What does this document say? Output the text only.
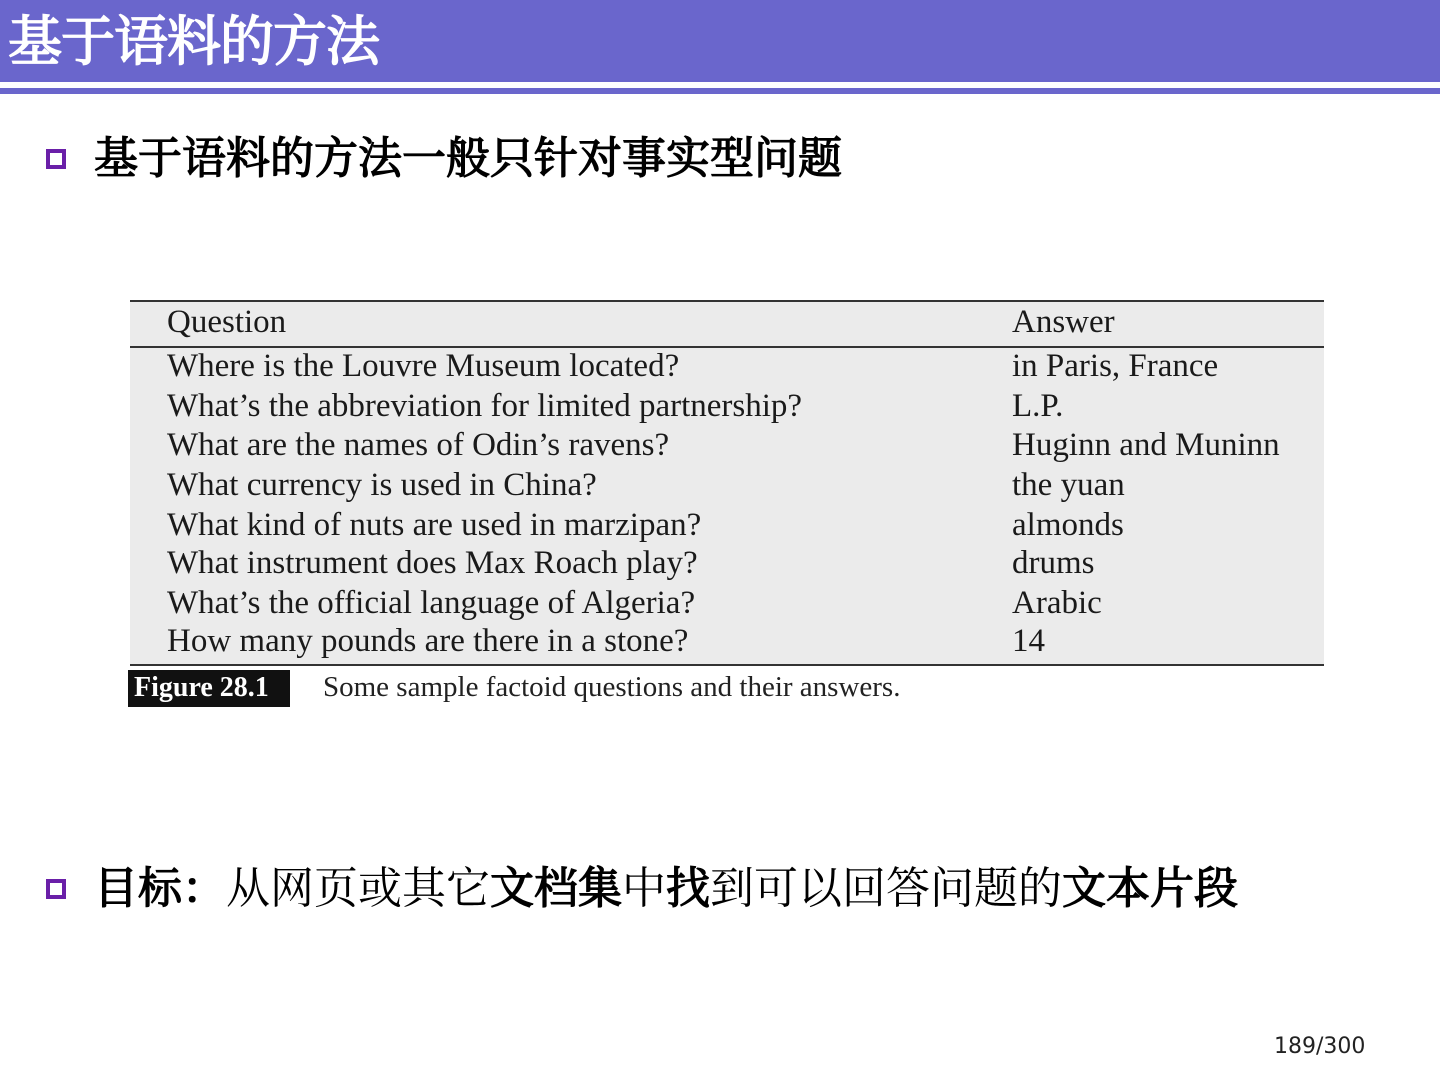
基于语料的方法
基于语料的方法一般只针对事实型问题
Question	Answer
Where is the Louvre Museum located?	in Paris, France
What’s the abbreviation for limited partnership?	L.P.
What are the names of Odin’s ravens?	Huginn and Muninn
What currency is used in China?	the yuan
What kind of nuts are used in marzipan?	almonds
What instrument does Max Roach play?	drums
What’s the official language of Algeria?	Arabic
How many pounds are there in a stone?	14
Figure 28.1	Some sample factoid questions and their answers.
目标：从网页或其它文档集中找到可以回答问题的文本片段
189/300
